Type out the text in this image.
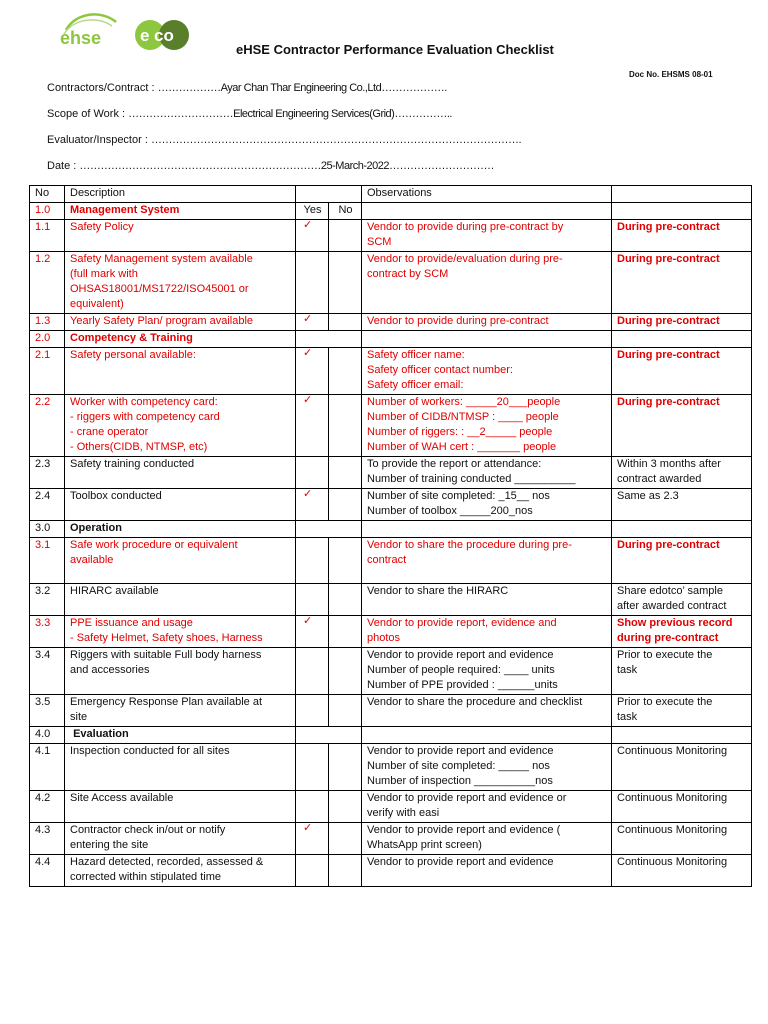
ehse e co
eHSE Contractor Performance Evaluation Checklist
Doc No. EHSMS 08-01
Contractors/Contract : ………………Ayar Chan Thar Engineering Co.,Ltd……………….
Scope of Work : …………………………Electrical Engineering Services(Grid)……………..
Evaluator/Inspector : …………………………………………………………………………………………….
Date : ……………………………………………………………25-March-2022…………………………
No	Description			Observations	
1.0	Management System	Yes	No		
1.1	Safety Policy	✓		Vendor to provide during pre-contract by
SCM	During pre-contract

1.2	Safety Management system available
(full mark with
OHSAS18001/MS1722/ISO45001 or
equivalent)			Vendor to provide/evaluation during pre-
contract by SCM	During pre-contract

1.3	Yearly Safety Plan/ program available	✓		Vendor to provide during pre-contract	During pre-contract

2.0	Competency & Training				

2.1	Safety personal available:	✓		Safety officer name:
Safety officer contact number:
Safety officer email:	During pre-contract

2.2	Worker with competency card:
- riggers with competency card
- crane operator
- Others(CIDB, NTMSP, etc)	✓		Number of workers: _____20___people
Number of CIDB/NTMSP : ____ people
Number of riggers: : __2_____ people
Number of WAH cert : _______ people	During pre-contract

2.3	Safety training conducted			To provide the report or attendance:
Number of training conducted __________	Within 3 months after
contract awarded

2.4	Toolbox conducted	✓		Number of site completed: _15__ nos
Number of toolbox _____200_nos	Same as 2.3

3.0	Operation				

3.1	Safe work procedure or equivalent
available			Vendor to share the procedure during pre-
contract	During pre-contract

3.2	HIRARC available			Vendor to share the HIRARC	Share edotco’ sample
after awarded contract

3.3	PPE issuance and usage
- Safety Helmet, Safety shoes, Harness	✓		Vendor to provide report, evidence and
photos	Show previous record
during pre-contract

3.4	Riggers with suitable Full body harness
and accessories			Vendor to provide report and evidence
Number of people required: ____ units
Number of PPE provided : ______units	Prior to execute the
task

3.5	Emergency Response Plan available at
site			Vendor to share the procedure and checklist	Prior to execute the
task

4.0	Evaluation				

4.1	Inspection conducted for all sites			Vendor to provide report and evidence
Number of site completed: _____ nos
Number of inspection __________nos	Continuous Monitoring

4.2	Site Access available			Vendor to provide report and evidence or
verify with easi	Continuous Monitoring

4.3	Contractor check in/out or notify
entering the site	✓		Vendor to provide report and evidence (
WhatsApp print screen)	Continuous Monitoring

4.4	Hazard detected, recorded, assessed &
corrected within stipulated time			Vendor to provide report and evidence	Continuous Monitoring
